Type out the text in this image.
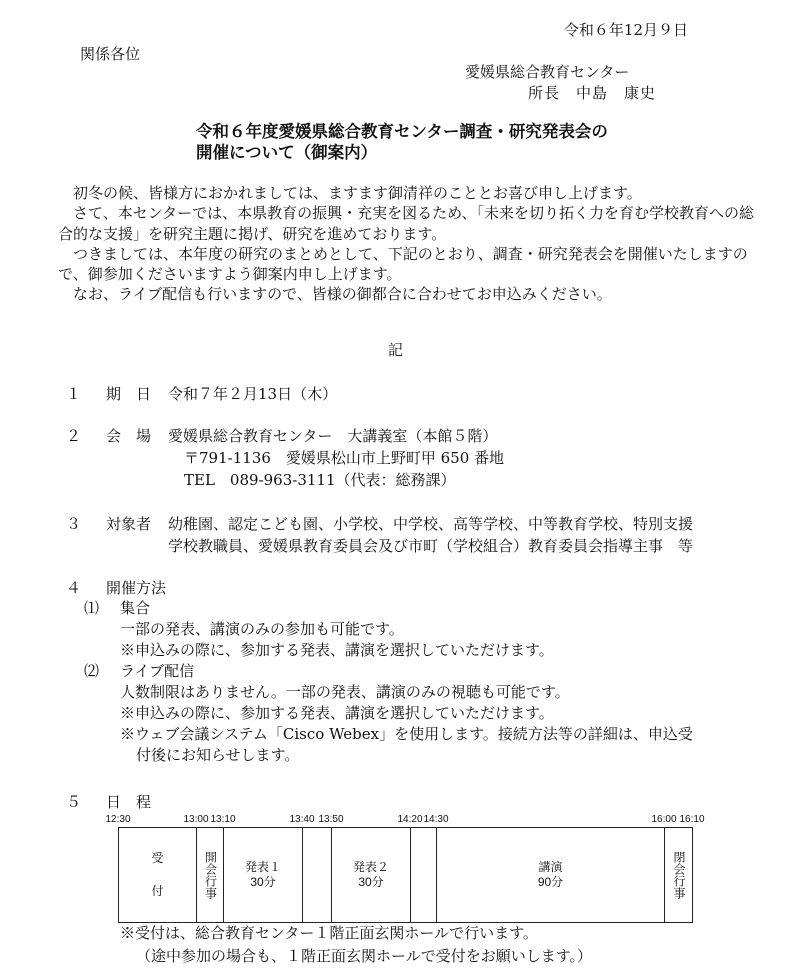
令和６年12月９日
関係各位
愛媛県総合教育センター
所長　中島　康史
令和６年度愛媛県総合教育センター調査・研究発表会の
開催について（御案内）

　初冬の候、皆様方におかれましては、ますます御清祥のこととお喜び申し上げます。

　さて、本センターでは、本県教育の振興・充実を図るため、「未来を切り拓く力を育む学校教育への総合的な支援」を研究主題に掲げ、研究を進めております。

　つきましては、本年度の研究のまとめとして、下記のとおり、調査・研究発表会を開催いたしますので、御参加くださいますよう御案内申し上げます。

　なお、ライブ配信も行いますので、皆様の御都合に合わせてお申込みください。

記
１ 期　日 令和７年２月13日（木）
２ 会　場 愛媛県総合教育センター　大講義室（本館５階）
〒791-1136　愛媛県松山市上野町甲 650 番地
TEL　089-963-3111（代表：総務課）
３ 対象者 幼稚園、認定こども園、小学校、中学校、高等学校、中等教育学校、特別支援
学校教職員、愛媛県教育委員会及び市町（学校組合）教育委員会指導主事　等
４ 開催方法
⑴ 集合
一部の発表、講演のみの参加も可能です。
※申込みの際に、参加する発表、講演を選択していただけます。
⑵ ライブ配信
人数制限はありません。一部の発表、講演のみの視聴も可能です。
※申込みの際に、参加する発表、講演を選択していただけます。
※ウェブ会議システム「Cisco Webex」を使用します。接続方法等の詳細は、申込受
付後にお知らせします。
５ 日　程
12:30	13:00 13:10	13:40 13:50	14:20 14:30	16:00 16:10
受
付	開会行事 発表１
30分
発表２
30分
講演
90分	閉会行事
※受付は、総合教育センター１階正面玄関ホールで行います。
（途中参加の場合も、１階正面玄関ホールで受付をお願いします。）
